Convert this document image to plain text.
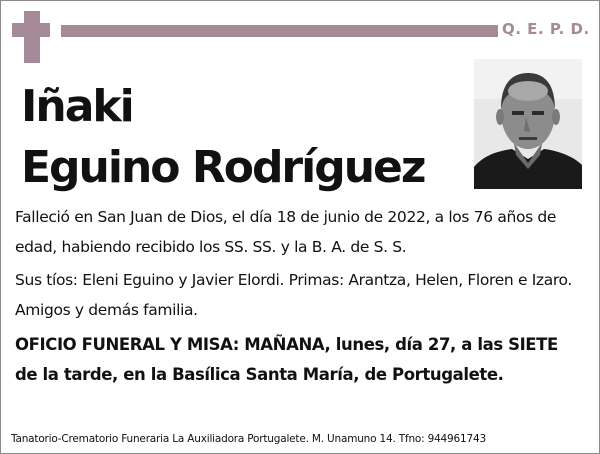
Q. E. P. D.
Iñaki
Eguino Rodríguez
Falleció en San Juan de Dios, el día 18 de junio de 2022, a los 76 años de edad, habiendo recibido los SS. SS. y la B. A. de S. S.
Sus tíos: Eleni Eguino y Javier Elordi. Primas: Arantza, Helen, Floren e Izaro. Amigos y demás familia.
OFICIO FUNERAL Y MISA: MAÑANA, lunes, día 27, a las SIETE de la tarde, en la Basílica Santa María, de Portugalete.
Tanatorio-Crematorio Funeraria La Auxiliadora Portugalete. M. Unamuno 14. Tfno: 944961743
